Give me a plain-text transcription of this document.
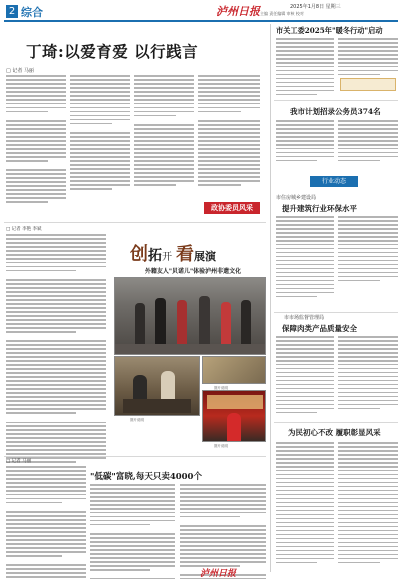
2 综合	泸州日报	2025年1月8日 星期三
主编 责任编辑 审核 校对
丁琦:以爱育爱 以行践言
□ 记者 马丽
政协委员风采
□ 记者 李艳 李斌
创拓开 看展演
外籍友人"贝诺儿"体验泸州非遗文化
图片说明
图片说明
图片说明
□ 记者 马丽
"低碳"富晓,每天只卖4000个
市关工委2025年"暖冬行动"启动
我市计划招录公务员374名
行业动态
市住房城乡建设局
提升建筑行业环保水平
市市场监督管理局
保障肉类产品质量安全
为民初心不改 履职彰显风采
泸州日报
